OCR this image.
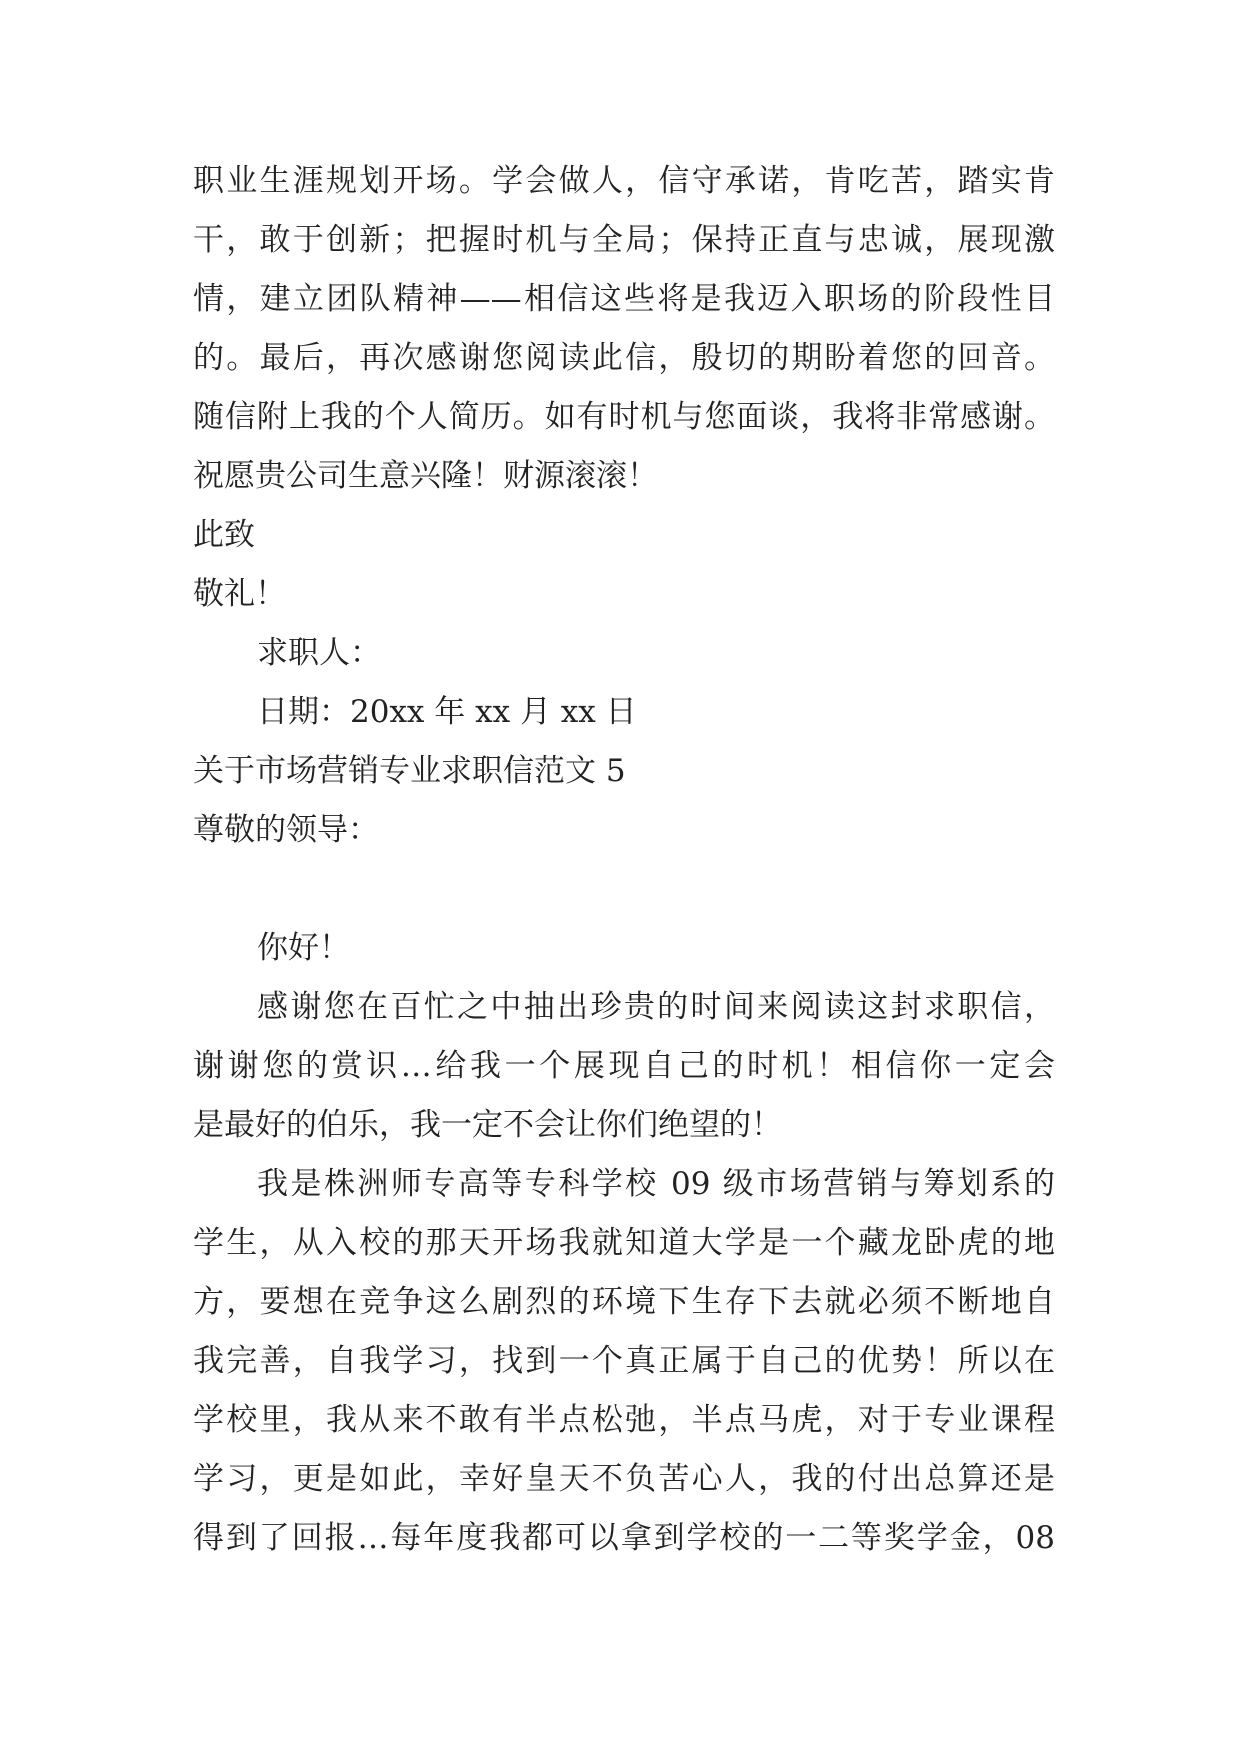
职业生涯规划开场。学会做人，信守承诺，肯吃苦，踏实肯
干，敢于创新；把握时机与全局；保持正直与忠诚，展现激
情，建立团队精神——相信这些将是我迈入职场的阶段性目
的。最后，再次感谢您阅读此信，殷切的期盼着您的回音。
随信附上我的个人简历。如有时机与您面谈，我将非常感谢。
祝愿贵公司生意兴隆！财源滚滚！
此致
敬礼！
求职人：
日期：20xx 年 xx 月 xx 日
关于市场营销专业求职信范文 5
尊敬的领导：
你好！
感谢您在百忙之中抽出珍贵的时间来阅读这封求职信，
谢谢您的赏识…给我一个展现自己的时机！相信你一定会
是最好的伯乐，我一定不会让你们绝望的！
我是株洲师专高等专科学校 09 级市场营销与筹划系的
学生，从入校的那天开场我就知道大学是一个藏龙卧虎的地
方，要想在竞争这么剧烈的环境下生存下去就必须不断地自
我完善，自我学习，找到一个真正属于自己的优势！所以在
学校里，我从来不敢有半点松弛，半点马虎，对于专业课程
学习，更是如此，幸好皇天不负苦心人，我的付出总算还是
得到了回报…每年度我都可以拿到学校的一二等奖学金，08
